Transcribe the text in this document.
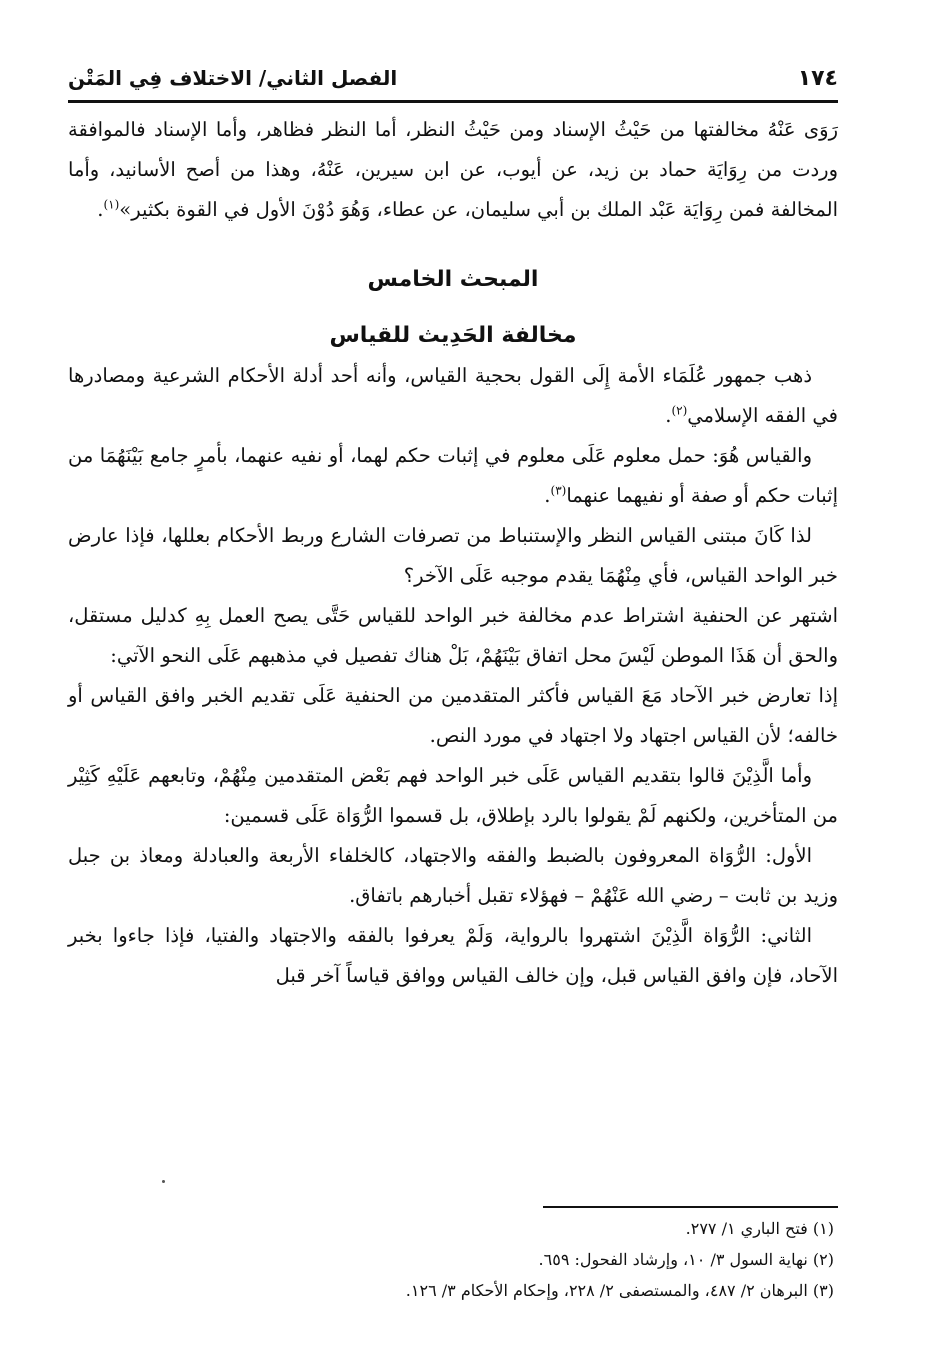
١٧٤
الفصل الثاني/ الاختلاف فِي المَتْن

رَوَى عَنْهُ مخالفتها من حَيْثُ الإسناد ومن حَيْثُ النظر، أما النظر فظاهر، وأما الإسناد فالموافقة وردت من رِوَايَة حماد بن زيد، عن أيوب، عن ابن سيرين، عَنْهُ، وهذا من أصح الأسانيد، وأما المخالفة فمن رِوَايَة عَبْد الملك بن أبي سليمان، عن عطاء، وَهُوَ دُوْنَ الأول في القوة بكثير»$^{(١)}$.

المبحث الخامس
مخالفة الحَدِيث للقياس

ذهب جمهور عُلَمَاء الأمة إِلَى القول بحجية القياس، وأنه أحد أدلة الأحكام الشرعية ومصادرها في الفقه الإسلامي$^{(٢)}$.

والقياس هُوَ: حمل معلوم عَلَى معلوم في إثبات حكم لهما، أو نفيه عنهما، بأمرٍ جامع بَيْنَهُمَا من إثبات حكم أو صفة أو نفيهما عنهما$^{(٣)}$.

لذا كَانَ مبتنى القياس النظر والإستنباط من تصرفات الشارع وربط الأحكام بعللها، فإذا عارض خبر الواحد القياس، فأي مِنْهُمَا يقدم موجبه عَلَى الآخر؟

اشتهر عن الحنفية اشتراط عدم مخالفة خبر الواحد للقياس حَتَّى يصح العمل بِهِ كدليل مستقل، والحق أن هَذَا الموطن لَيْسَ محل اتفاق بَيْنَهُمْ، بَلْ هناك تفصيل في مذهبهم عَلَى النحو الآتي:

إذا تعارض خبر الآحاد مَعَ القياس فأكثر المتقدمين من الحنفية عَلَى تقديم الخبر وافق القياس أو خالفه؛ لأن القياس اجتهاد ولا اجتهاد في مورد النص.

وأما الَّذِيْنَ قالوا بتقديم القياس عَلَى خبر الواحد فهم بَعْض المتقدمين مِنْهُمْ، وتابعهم عَلَيْهِ كَثِيْر من المتأخرين، ولكنهم لَمْ يقولوا بالرد بإطلاق، بل قسموا الرُّوَاة عَلَى قسمين:

الأول: الرُّوَاة المعروفون بالضبط والفقه والاجتهاد، كالخلفاء الأربعة والعبادلة ومعاذ بن جبل وزيد بن ثابت – رضي الله عَنْهُمْ – فهؤلاء تقبل أخبارهم باتفاق.

الثاني: الرُّوَاة الَّذِيْنَ اشتهروا بالرواية، وَلَمْ يعرفوا بالفقه والاجتهاد والفتيا، فإذا جاءوا بخبر الآحاد، فإن وافق القياس قبل، وإن خالف القياس ووافق قياساً آخر قبل

(١) فتح الباري ١/ ٢٧٧.

(٢) نهاية السول ٣/ ١٠، وإرشاد الفحول: ٦٥٩.

(٣) البرهان ٢/ ٤٨٧، والمستصفى ٢/ ٢٢٨، وإحكام الأحكام ٣/ ١٢٦.
